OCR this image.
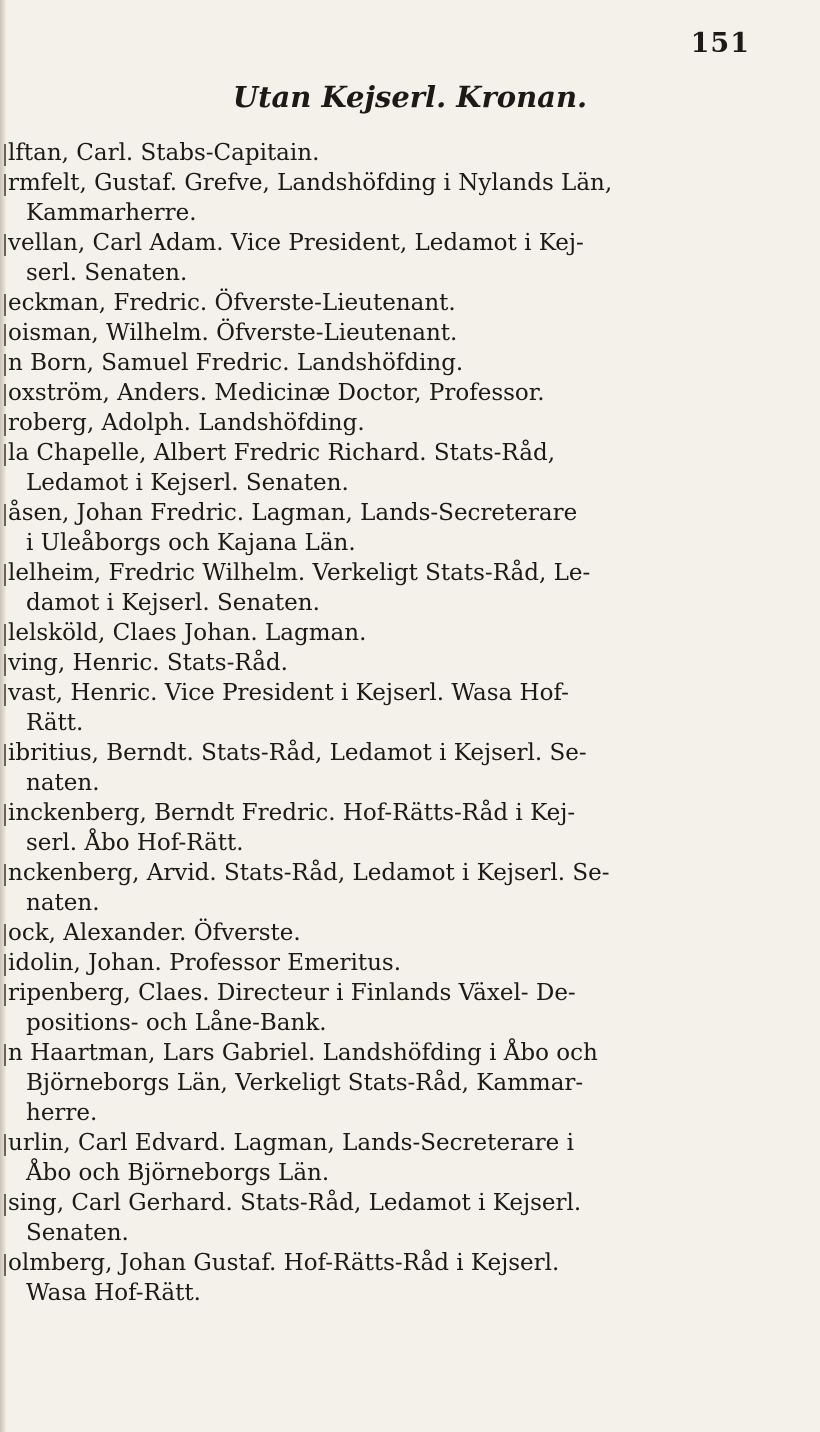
151
Utan Kejserl. Kronan.
lftan, Carl. Stabs-Capitain.
rmfelt, Gustaf. Grefve, Landshöfding i Nylands Län,
Kammarherre.
vellan, Carl Adam. Vice President, Ledamot i Kej-
serl. Senaten.
eckman, Fredric. Öfverste-Lieutenant.
oisman, Wilhelm. Öfverste-Lieutenant.
n Born, Samuel Fredric. Landshöfding.
oxström, Anders. Medicinæ Doctor, Professor.
roberg, Adolph. Landshöfding.
la Chapelle, Albert Fredric Richard. Stats-Råd,
Ledamot i Kejserl. Senaten.
åsen, Johan Fredric. Lagman, Lands-Secreterare
i Uleåborgs och Kajana Län.
lelheim, Fredric Wilhelm. Verkeligt Stats-Råd, Le-
damot i Kejserl. Senaten.
lelsköld, Claes Johan. Lagman.
ving, Henric. Stats-Råd.
vast, Henric. Vice President i Kejserl. Wasa Hof-
Rätt.
ibritius, Berndt. Stats-Råd, Ledamot i Kejserl. Se-
naten.
inckenberg, Berndt Fredric. Hof-Rätts-Råd i Kej-
serl. Åbo Hof-Rätt.
nckenberg, Arvid. Stats-Råd, Ledamot i Kejserl. Se-
naten.
ock, Alexander. Öfverste.
idolin, Johan. Professor Emeritus.
ripenberg, Claes. Directeur i Finlands Växel- De-
positions- och Låne-Bank.
n Haartman, Lars Gabriel. Landshöfding i Åbo och
Björneborgs Län, Verkeligt Stats-Råd, Kammar-
herre.
urlin, Carl Edvard. Lagman, Lands-Secreterare i
Åbo och Björneborgs Län.
sing, Carl Gerhard. Stats-Råd, Ledamot i Kejserl.
Senaten.
olmberg, Johan Gustaf. Hof-Rätts-Råd i Kejserl.
Wasa Hof-Rätt.
